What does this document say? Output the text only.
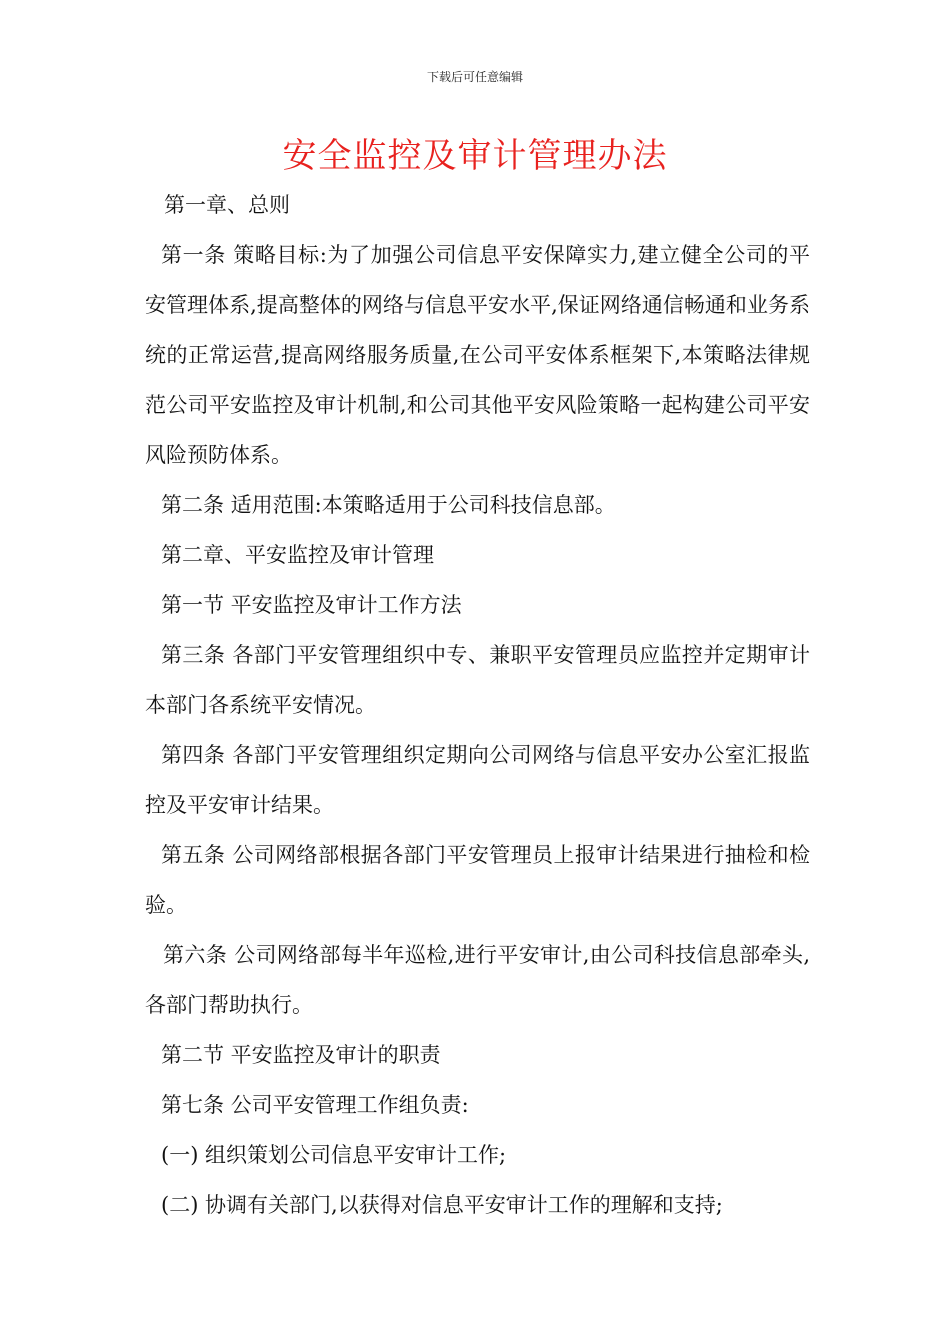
下载后可任意编辑
安全监控及审计管理办法

第一章、总则

第一条 策略目标:为了加强公司信息平安保障实力,建立健全公司的平安管理体系,提高整体的网络与信息平安水平,保证网络通信畅通和业务系统的正常运营,提高网络服务质量,在公司平安体系框架下,本策略法律规范公司平安监控及审计机制,和公司其他平安风险策略一起构建公司平安风险预防体系。

第二条 适用范围:本策略适用于公司科技信息部。

第二章、平安监控及审计管理

第一节 平安监控及审计工作方法

第三条 各部门平安管理组织中专、兼职平安管理员应监控并定期审计 本部门各系统平安情况。

第四条 各部门平安管理组织定期向公司网络与信息平安办公室汇报监控及平安审计结果。

第五条 公司网络部根据各部门平安管理员上报审计结果进行抽检和检验。

第六条 公司网络部每半年巡检,进行平安审计,由公司科技信息部牵头,各部门帮助执行。

第二节 平安监控及审计的职责

第七条 公司平安管理工作组负责:

(一) 组织策划公司信息平安审计工作;

(二) 协调有关部门,以获得对信息平安审计工作的理解和支持;
